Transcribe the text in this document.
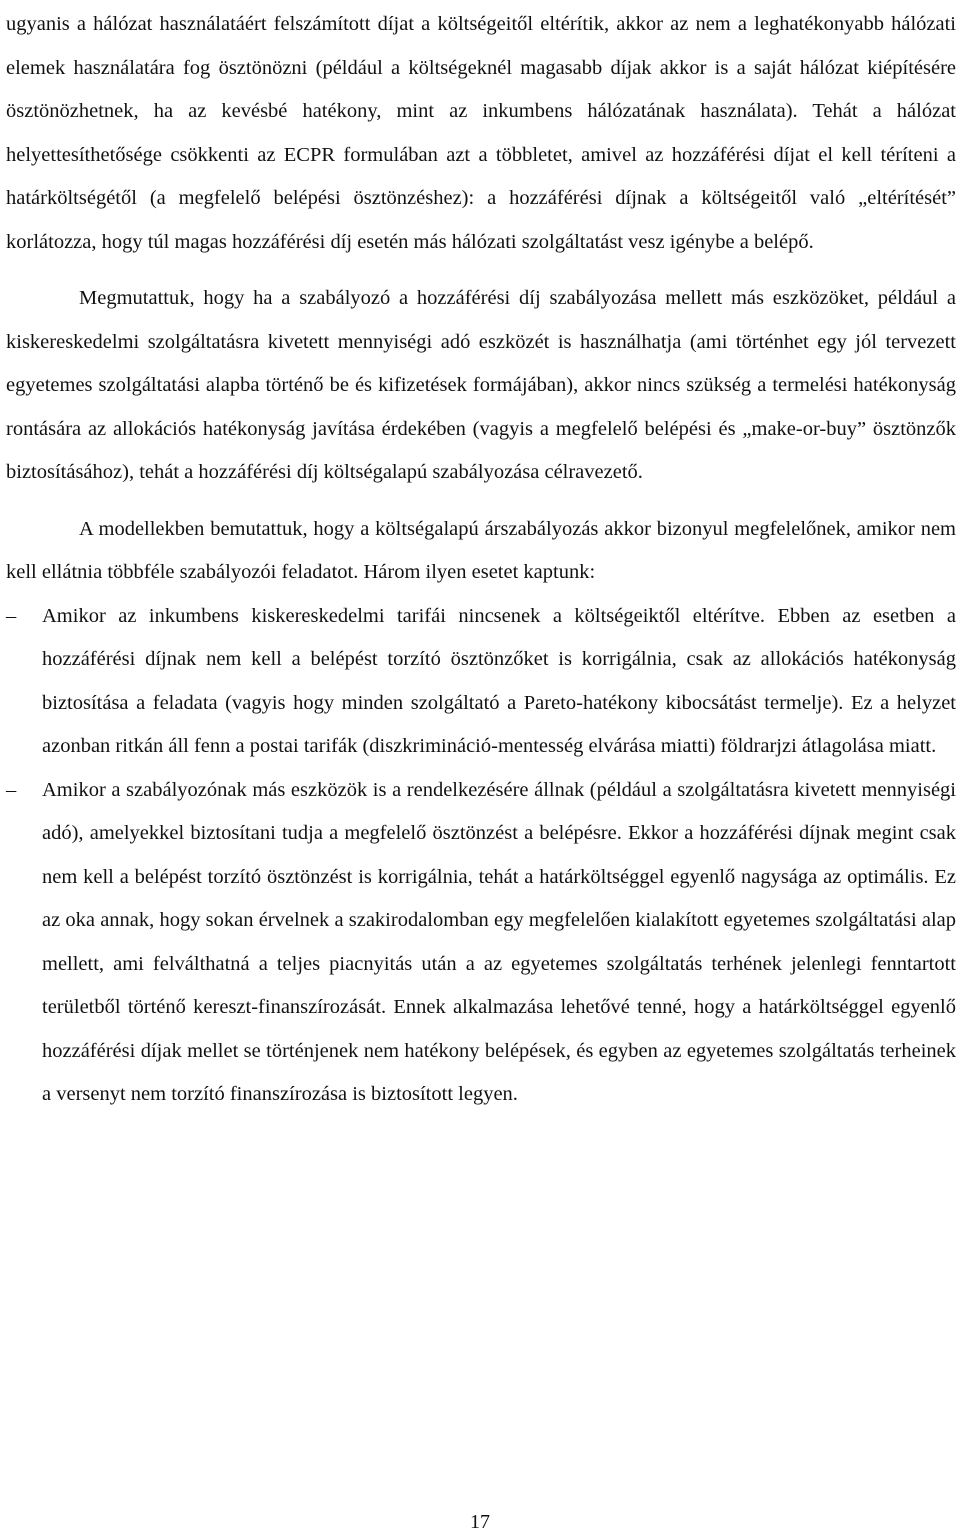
ugyanis a hálózat használatáért felszámított díjat a költségeitől eltérítik, akkor az nem a leghatékonyabb hálózati elemek használatára fog ösztönözni (például a költségeknél magasabb díjak akkor is a saját hálózat kiépítésére ösztönözhetnek, ha az kevésbé hatékony, mint az inkumbens hálózatának használata). Tehát a hálózat helyettesíthetősége csökkenti az ECPR formulában azt a többletet, amivel az hozzáférési díjat el kell téríteni a határköltségétől (a megfelelő belépési ösztönzéshez): a hozzáférési díjnak a költségeitől való „eltérítését” korlátozza, hogy túl magas hozzáférési díj esetén más hálózati szolgáltatást vesz igénybe a belépő.

Megmutattuk, hogy ha a szabályozó a hozzáférési díj szabályozása mellett más eszközöket, például a kiskereskedelmi szolgáltatásra kivetett mennyiségi adó eszközét is használhatja (ami történhet egy jól tervezett egyetemes szolgáltatási alapba történő be és kifizetések formájában), akkor nincs szükség a termelési hatékonyság rontására az allokációs hatékonyság javítása érdekében (vagyis a megfelelő belépési és „make-or-buy” ösztönzők biztosításához), tehát a hozzáférési díj költségalapú szabályozása célravezető.

A modellekben bemutattuk, hogy a költségalapú árszabályozás akkor bizonyul megfelelőnek, amikor nem kell ellátnia többféle szabályozói feladatot. Három ilyen esetet kaptunk:

–	Amikor az inkumbens kiskereskedelmi tarifái nincsenek a költségeiktől eltérítve. Ebben az esetben a hozzáférési díjnak nem kell a belépést torzító ösztönzőket is korrigálnia, csak az allokációs hatékonyság biztosítása a feladata (vagyis hogy minden szolgáltató a Pareto-hatékony kibocsátást termelje). Ez a helyzet azonban ritkán áll fenn a postai tarifák (diszkrimináció-mentesség elvárása miatti) földrarjzi átlagolása miatt.
–	Amikor a szabályozónak más eszközök is a rendelkezésére állnak (például a szolgáltatásra kivetett mennyiségi adó), amelyekkel biztosítani tudja a megfelelő ösztönzést a belépésre. Ekkor a hozzáférési díjnak megint csak nem kell a belépést torzító ösztönzést is korrigálnia, tehát a határköltséggel egyenlő nagysága az optimális. Ez az oka annak, hogy sokan érvelnek a szakirodalomban egy megfelelően kialakított egyetemes szolgáltatási alap mellett, ami felválthatná a teljes piacnyitás után a az egyetemes szolgáltatás terhének jelenlegi fenntartott területből történő kereszt-finanszírozását. Ennek alkalmazása lehetővé tenné, hogy a határköltséggel egyenlő hozzáférési díjak mellet se történjenek nem hatékony belépések, és egyben az egyetemes szolgáltatás terheinek a versenyt nem torzító finanszírozása is biztosított legyen.
17
